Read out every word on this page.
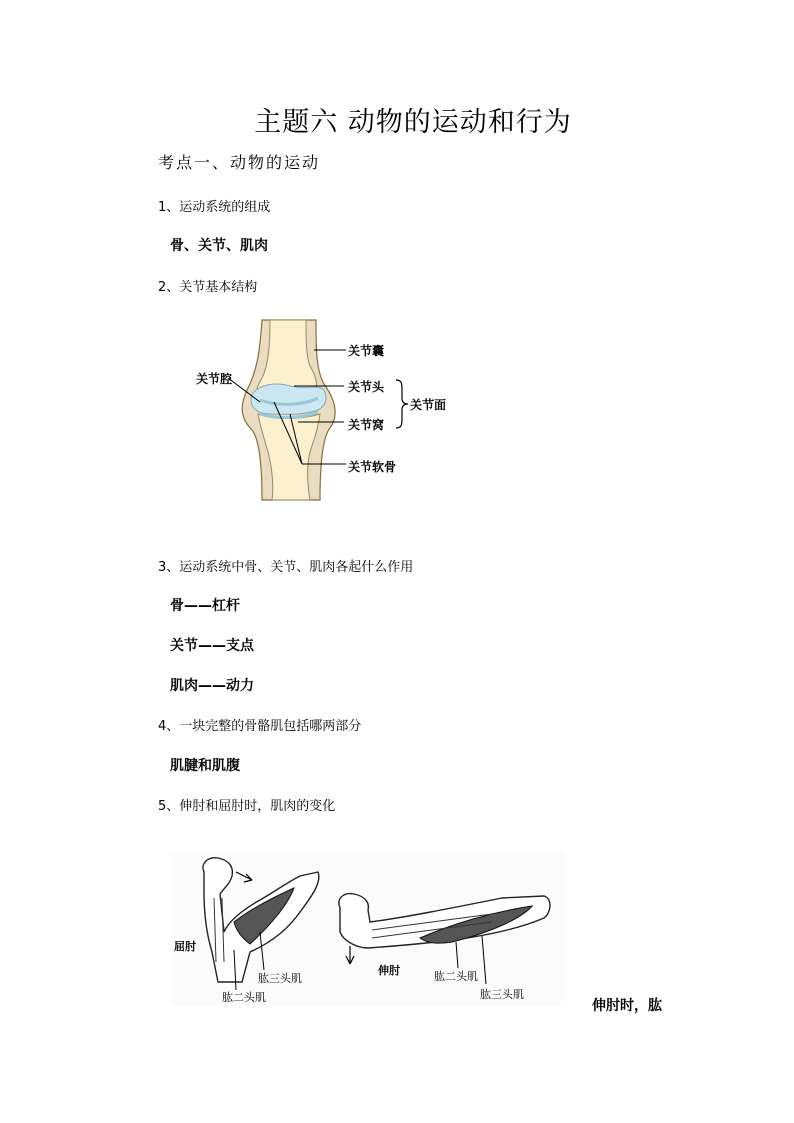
主题六 动物的运动和行为
考点一、动物的运动
1、运动系统的组成
骨、关节、肌肉
2、关节基本结构
关节囊
关节腔
关节头
关节窝
关节面
关节软骨
3、运动系统中骨、关节、肌肉各起什么作用
骨——杠杆
关节——支点
肌肉——动力
4、一块完整的骨骼肌包括哪两部分
肌腱和肌腹
5、伸肘和屈肘时，肌肉的变化
屈肘
肱三头肌
肱二头肌
伸肘	肱二头肌
肱三头肌
伸肘时，肱
